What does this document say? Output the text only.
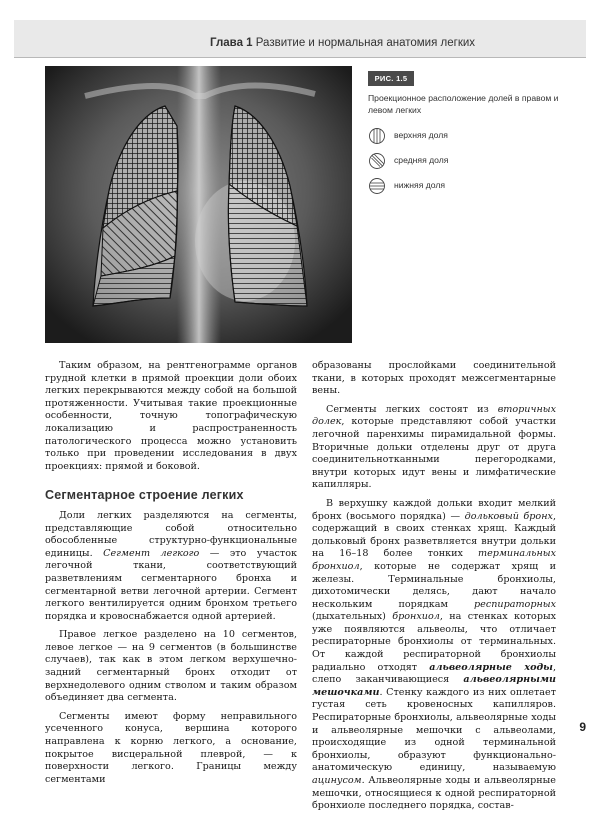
Глава 1 Развитие и нормальная анатомия легких
РИС. 1.5
Проекционное расположение долей в правом и левом легких
верхняя доля
средняя доля
нижняя доля

Таким образом, на рентгенограмме органов грудной клетки в прямой проекции доли обоих легких перекрываются между собой на большой протяженности. Учитывая такие проекционные особенности, точную топографическую локализацию и распространенность патологического процесса можно установить только при проведении исследования в двух проекциях: прямой и боковой.

Сегментарное строение легких

Доли легких разделяются на сегменты, представляющие собой относительно обособленные структурно-функциональные единицы. Сегмент легкого — это участок легочной ткани, соответствующий разветвлениям сегментарного бронха и сегментарной ветви легочной артерии. Сегмент легкого вентилируется одним бронхом третьего порядка и кровоснабжается одной артерией.

Правое легкое разделено на 10 сегментов, левое легкое — на 9 сегментов (в большинстве случаев), так как в этом легком верхушечно-задний сегментарный бронх отходит от верхнедолевого одним стволом и таким образом объединяет два сегмента.

Сегменты имеют форму неправильного усеченного конуса, вершина которого направлена к корню легкого, а основание, покрытое висцеральной плеврой, — к поверхности легкого. Границы между сегментами

образованы прослойками соединительной ткани, в которых проходят межсегментарные вены.

Сегменты легких состоят из вторичных долек, которые представляют собой участки легочной паренхимы пирамидальной формы. Вторичные дольки отделены друг от друга соединительнотканными перегородками, внутри которых идут вены и лимфатические капилляры.

В верхушку каждой дольки входит мелкий бронх (восьмого порядка) — дольковый бронх, содержащий в своих стенках хрящ. Каждый дольковый бронх разветвляется внутри дольки на 16–18 более тонких терминальных бронхиол, которые не содержат хрящ и железы. Терминальные бронхиолы, дихотомически делясь, дают начало нескольким порядкам респираторных (дыхательных) бронхиол, на стенках которых уже появляются альвеолы, что отличает респираторные бронхиолы от терминальных. От каждой респираторной бронхиолы радиально отходят альвеолярные ходы, слепо заканчивающиеся альвеолярными мешочками. Стенку каждого из них оплетает густая сеть кровеносных капилляров. Респираторные бронхиолы, альвеолярные ходы и альвеолярные мешочки с альвеолами, происходящие из одной терминальной бронхиолы, образуют функционально-анатомическую единицу, называемую ацинусом. Альвеолярные ходы и альвеолярные мешочки, относящиеся к одной респираторной бронхиоле последнего порядка, состав-

9
